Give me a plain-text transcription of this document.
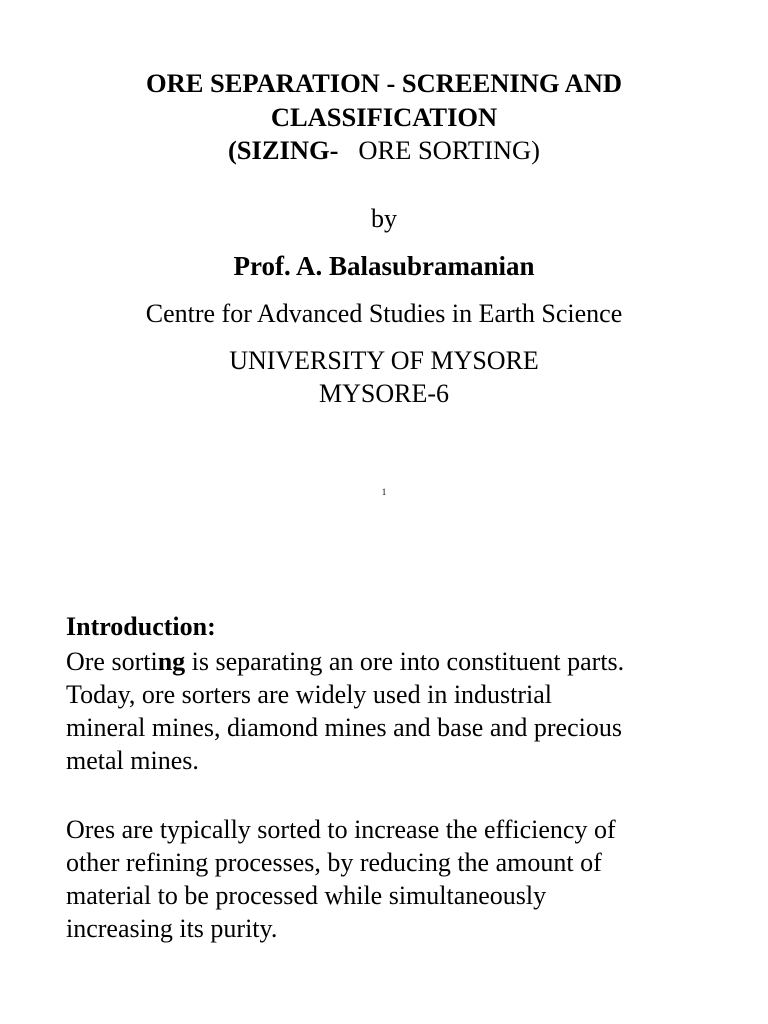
ORE SEPARATION - SCREENING AND
CLASSIFICATION
(SIZING- ORE SORTING)
by
Prof. A. Balasubramanian
Centre for Advanced Studies in Earth Science
UNIVERSITY OF MYSORE
MYSORE-6
1
Introduction:
Ore sorting is separating an ore into constituent parts.
Today, ore sorters are widely used in industrial
mineral mines, diamond mines and base and precious
metal mines.
Ores are typically sorted to increase the efficiency of
other refining processes, by reducing the amount of
material to be processed while simultaneously
increasing its purity.
